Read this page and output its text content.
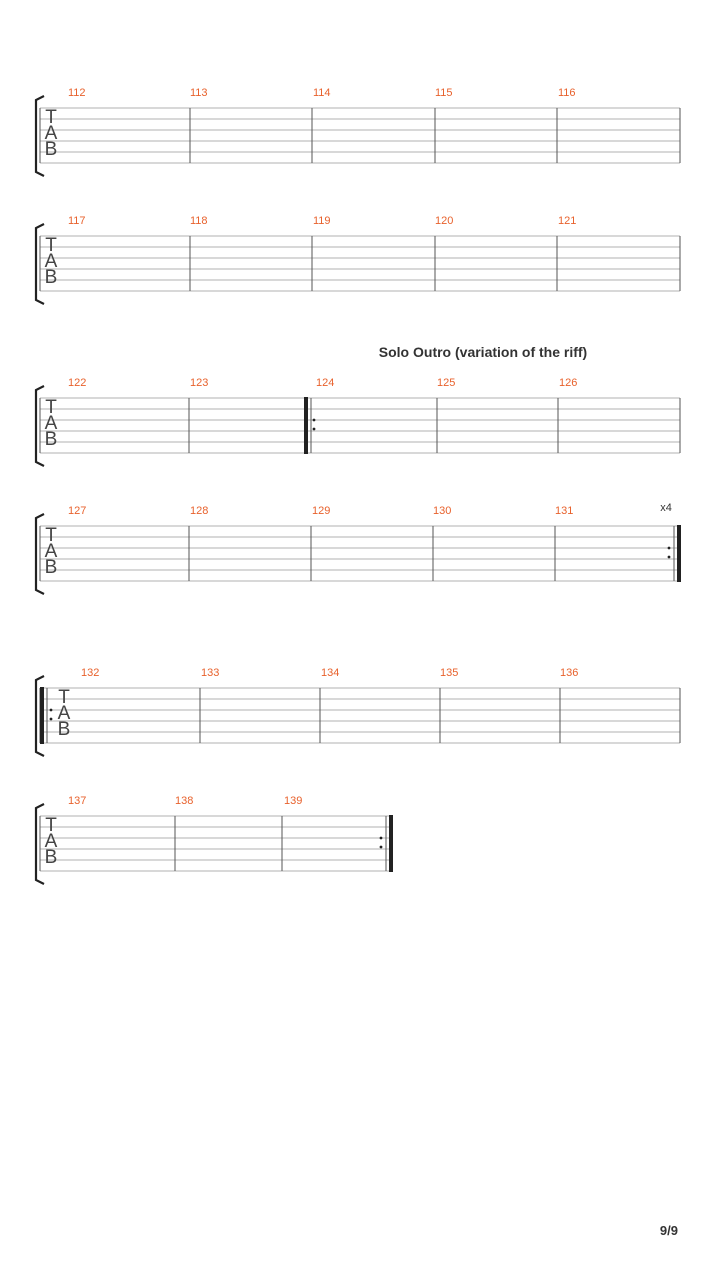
T
A
B
112	113	114	115	116
T
A
B
117	118	119	120	121
Solo Outro (variation of the riff)
T
A
B
122	123	124	125	126
x4
T
A
B
127	128	129	130	131
T
A
B
132	133	134	135	136
T
A
B
137	138	139
9/9
